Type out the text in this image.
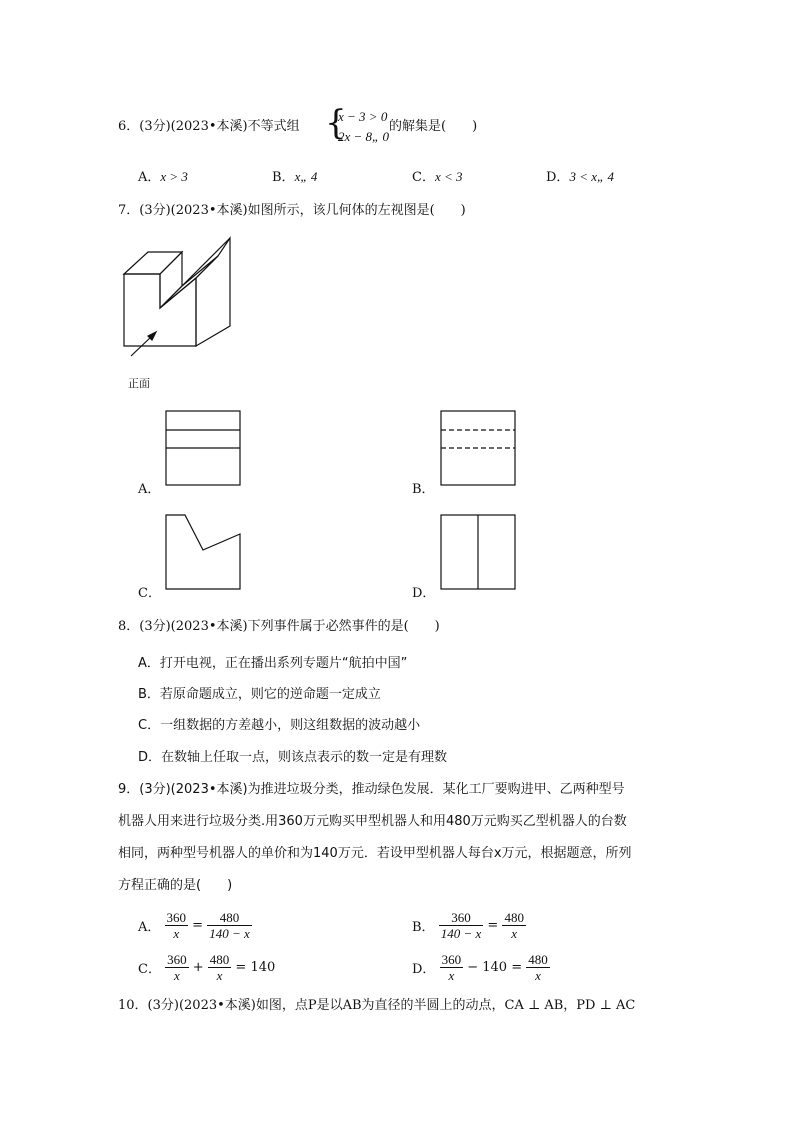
6．(3分)(2023•本溪)不等式组 {
x − 3 > 0
2x − 8„ 0
的解集是(　　)
A．x > 3	B．x„ 4	C．x < 3	D．3 < x„ 4
7．(3分)(2023•本溪)如图所示，该几何体的左视图是(　　)
正面
A．	B．
C．	D．
8．(3分)(2023•本溪)下列事件属于必然事件的是(　　)
A．打开电视，正在播出系列专题片“航拍中国”
B．若原命题成立，则它的逆命题一定成立
C．一组数据的方差越小，则这组数据的波动越小
D．在数轴上任取一点，则该点表示的数一定是有理数
9．(3分)(2023•本溪)为推进垃圾分类，推动绿色发展．某化工厂要购进甲、乙两种型号
机器人用来进行垃圾分类.用360万元购买甲型机器人和用480万元购买乙型机器人的台数
相同，两种型号机器人的单价和为140万元．若设甲型机器人每台x万元，根据题意，所列
方程正确的是(　　)
A． $\frac{360}{x} = \frac{480}{140 - x}$	B． $\frac{360}{140 - x} = \frac{480}{x}$
C． $\frac{360}{x} + \frac{480}{x} = 140$	D． $\frac{360}{x} - 140 = \frac{480}{x}$
10．(3分)(2023•本溪)如图，点P是以AB为直径的半圆上的动点，CA ⊥ AB，PD ⊥ AC
